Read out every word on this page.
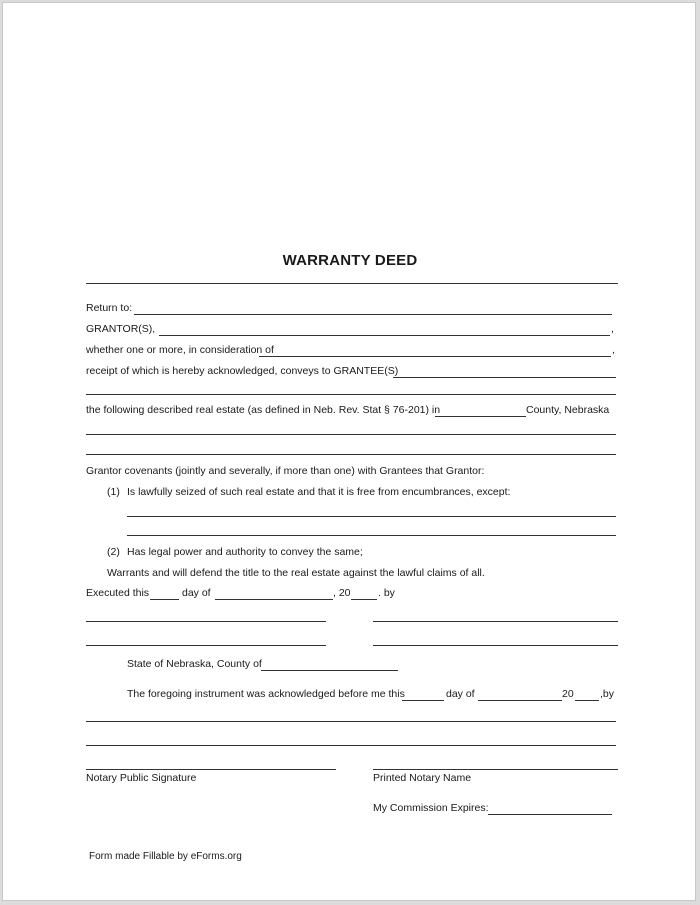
WARRANTY DEED
Return to:
GRANTOR(S),	,
whether one or more, in consideration of	,
receipt of which is hereby acknowledged, conveys to GRANTEE(S)
the following described real estate (as defined in Neb. Rev. Stat § 76-201) in	County, Nebraska
Grantor covenants (jointly and severally, if more than one) with Grantees that Grantor:
(1) Is lawfully seized of such real estate and that it is free from encumbrances, except:
(2) Has legal power and authority to convey the same;
Warrants and will defend the title to the real estate against the lawful claims of all.
Executed this	day of	, 20	. by
State of Nebraska, County of
The foregoing instrument was acknowledged before me this	day of	20	,by
Notary Public Signature	Printed Notary Name
My Commission Expires:
Form made Fillable by eForms.org
